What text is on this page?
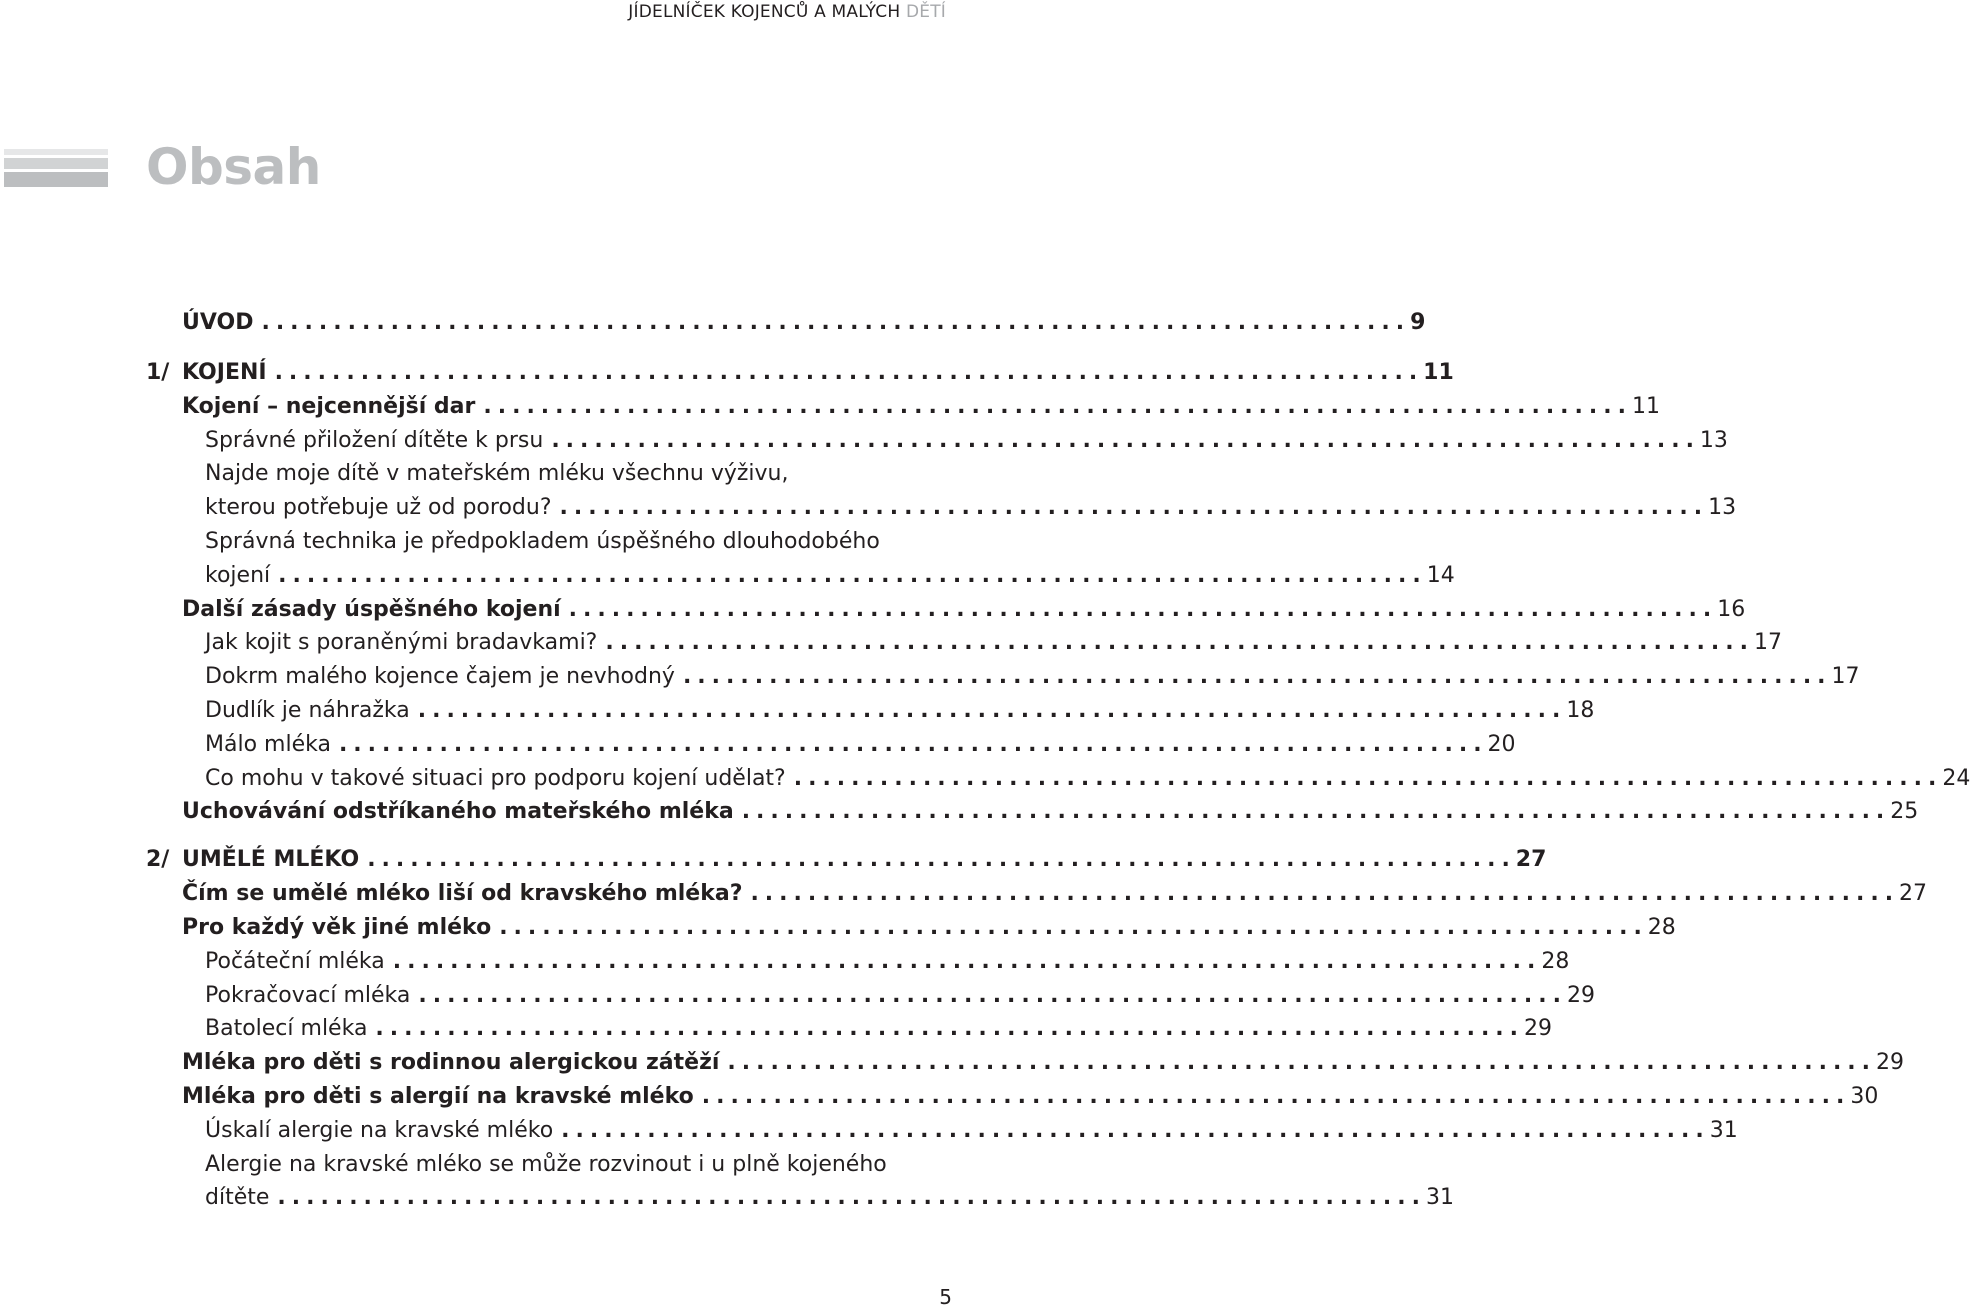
JÍDELNÍČEK KOJENCŮ A MALÝCH DĚTÍ
Obsah
ÚVOD ................................................................................ 9
1/ KOJENÍ ................................................................................ 11
Kojení – nejcennější dar ................................................................................ 11
Správné přiložení dítěte k prsu ................................................................................ 13
Najde moje dítě v mateřském mléku všechnu výživu,
kterou potřebuje už od porodu? ................................................................................ 13
Správná technika je předpokladem úspěšného dlouhodobého
kojení ................................................................................ 14
Další zásady úspěšného kojení ................................................................................ 16
Jak kojit s poraněnými bradavkami? ................................................................................ 17
Dokrm malého kojence čajem je nevhodný ................................................................................ 17
Dudlík je náhražka ................................................................................ 18
Málo mléka ................................................................................ 20
Co mohu v takové situaci pro podporu kojení udělat? ................................................................................ 24
Uchovávání odstříkaného mateřského mléka ................................................................................ 25
2/ UMĚLÉ MLÉKO ................................................................................ 27
Čím se umělé mléko liší od kravského mléka? ................................................................................ 27
Pro každý věk jiné mléko ................................................................................ 28
Počáteční mléka ................................................................................ 28
Pokračovací mléka ................................................................................ 29
Batolecí mléka ................................................................................ 29
Mléka pro děti s rodinnou alergickou zátěží ................................................................................ 29
Mléka pro děti s alergií na kravské mléko ................................................................................ 30
Úskalí alergie na kravské mléko ................................................................................ 31
Alergie na kravské mléko se může rozvinout i u plně kojeného
dítěte ................................................................................ 31
5
